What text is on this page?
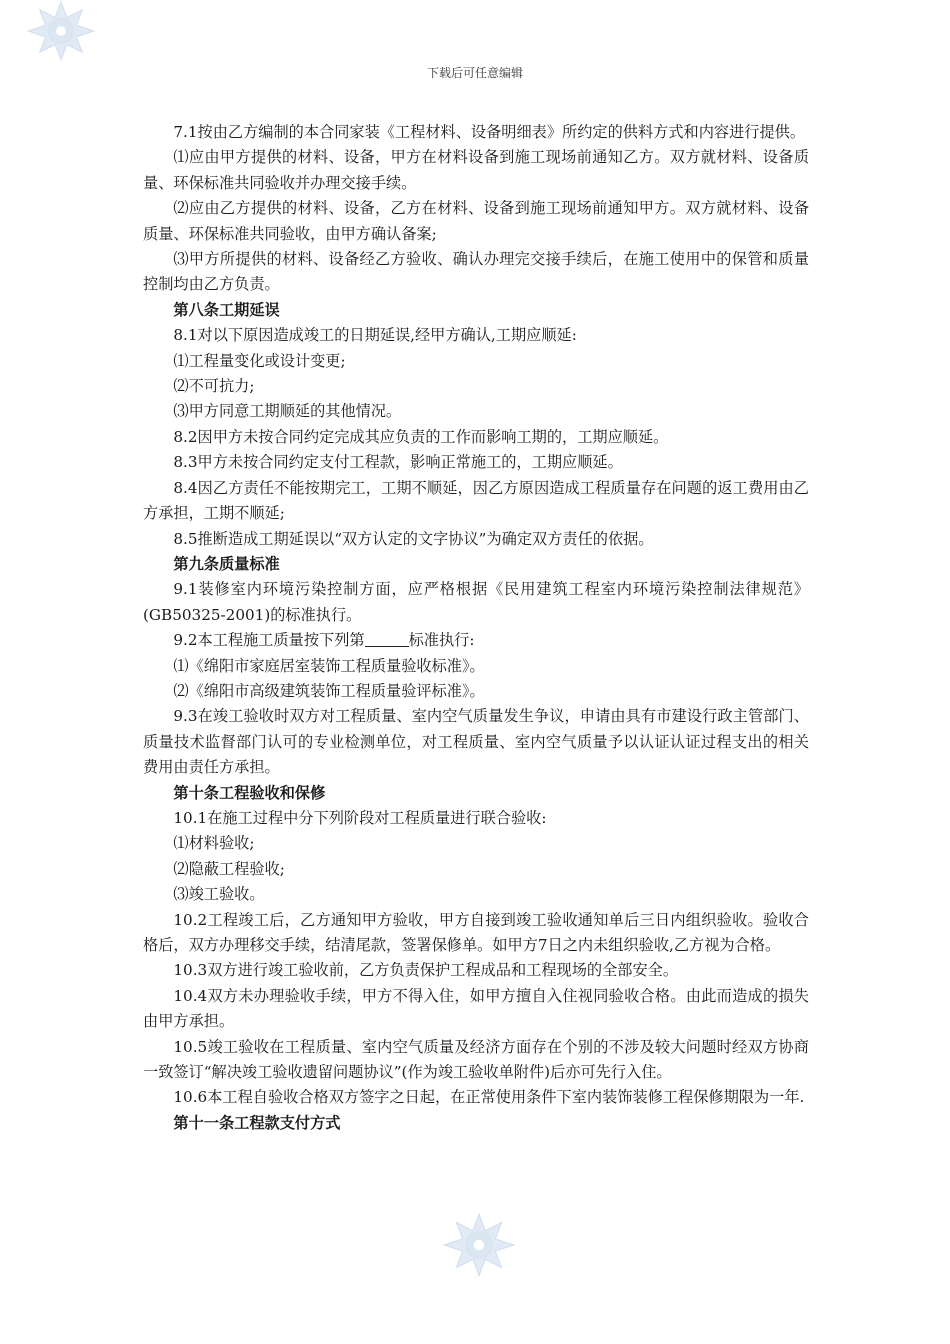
下载后可任意编辑

7.1按由乙方编制的本合同家装《工程材料、设备明细表》所约定的供料方式和内容进行提供。

⑴应由甲方提供的材料、设备，甲方在材料设备到施工现场前通知乙方。双方就材料、设备质量、环保标准共同验收并办理交接手续。

⑵应由乙方提供的材料、设备，乙方在材料、设备到施工现场前通知甲方。双方就材料、设备质量、环保标准共同验收，由甲方确认备案;

⑶甲方所提供的材料、设备经乙方验收、确认办理完交接手续后，在施工使用中的保管和质量控制均由乙方负责。

第八条工期延误

8.1对以下原因造成竣工的日期延误,经甲方确认,工期应顺延:

⑴工程量变化或设计变更;

⑵不可抗力;

⑶甲方同意工期顺延的其他情况。

8.2因甲方未按合同约定完成其应负责的工作而影响工期的，工期应顺延。

8.3甲方未按合同约定支付工程款，影响正常施工的，工期应顺延。

8.4因乙方责任不能按期完工，工期不顺延，因乙方原因造成工程质量存在问题的返工费用由乙方承担，工期不顺延;

8.5推断造成工期延误以“双方认定的文字协议”为确定双方责任的依据。

第九条质量标准

9.1装修室内环境污染控制方面，应严格根据《民用建筑工程室内环境污染控制法律规范》(GB50325-2001)的标准执行。

9.2本工程施工质量按下列第	标准执行:

⑴《绵阳市家庭居室装饰工程质量验收标准》。

⑵《绵阳市高级建筑装饰工程质量验评标准》。

9.3在竣工验收时双方对工程质量、室内空气质量发生争议，申请由具有市建设行政主管部门、质量技术监督部门认可的专业检测单位，对工程质量、室内空气质量予以认证认证过程支出的相关费用由责任方承担。

第十条工程验收和保修

10.1在施工过程中分下列阶段对工程质量进行联合验收:

⑴材料验收;

⑵隐蔽工程验收;

⑶竣工验收。

10.2工程竣工后，乙方通知甲方验收，甲方自接到竣工验收通知单后三日内组织验收。验收合格后，双方办理移交手续，结清尾款，签署保修单。如甲方7日之内未组织验收,乙方视为合格。

10.3双方进行竣工验收前，乙方负责保护工程成品和工程现场的全部安全。

10.4双方未办理验收手续，甲方不得入住，如甲方擅自入住视同验收合格。由此而造成的损失由甲方承担。

10.5竣工验收在工程质量、室内空气质量及经济方面存在个别的不涉及较大问题时经双方协商一致签订“解决竣工验收遗留问题协议”(作为竣工验收单附件)后亦可先行入住。

10.6本工程自验收合格双方签字之日起，在正常使用条件下室内装饰装修工程保修期限为一年.

第十一条工程款支付方式
